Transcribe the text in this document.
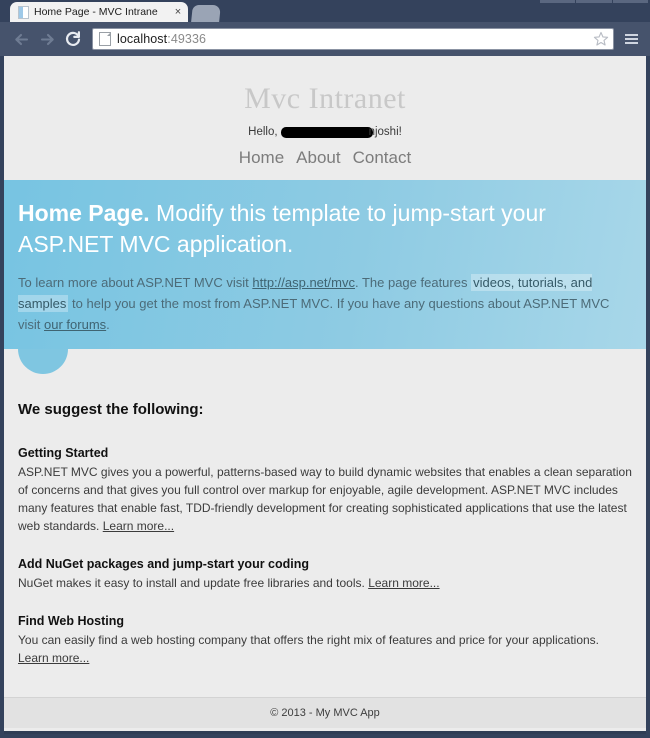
Home Page - MVC Intrane	×
localhost:49336
Mvc Intranet
Hello,	njoshi!
Home About Contact
Home Page. Modify this template to jump-start your ASP.NET MVC application.

To learn more about ASP.NET MVC visit http://asp.net/mvc. The page features videos, tutorials, and samples to help you get the most from ASP.NET MVC. If you have any questions about ASP.NET MVC visit our forums.

We suggest the following:
Getting Started

ASP.NET MVC gives you a powerful, patterns-based way to build dynamic websites that enables a clean separation of concerns and that gives you full control over markup for enjoyable, agile development. ASP.NET MVC includes many features that enable fast, TDD-friendly development for creating sophisticated applications that use the latest web standards. Learn more...

Add NuGet packages and jump-start your coding

NuGet makes it easy to install and update free libraries and tools. Learn more...

Find Web Hosting

You can easily find a web hosting company that offers the right mix of features and price for your applications. Learn more...

© 2013 - My MVC App
